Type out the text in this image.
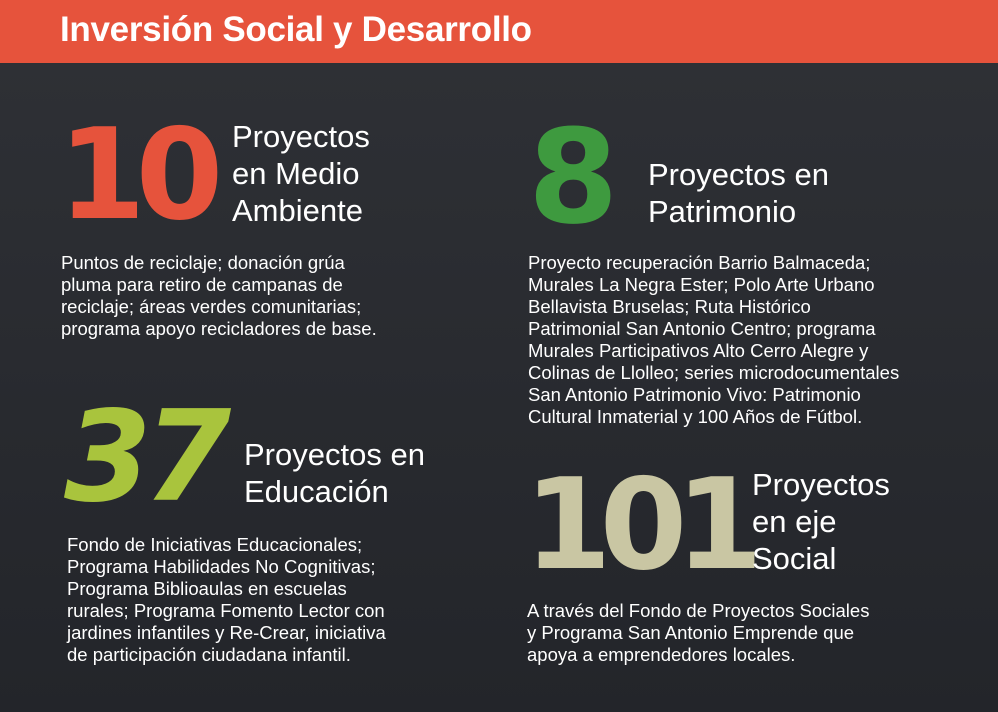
Inversión Social y Desarrollo
10 Proyectos
en Medio
Ambiente
Puntos de reciclaje; donación grúa
pluma para retiro de campanas de
reciclaje; áreas verdes comunitarias;
programa apoyo recicladores de base.
8 Proyectos en
Patrimonio
Proyecto recuperación Barrio Balmaceda;
Murales La Negra Ester; Polo Arte Urbano
Bellavista Bruselas; Ruta Histórico
Patrimonial San Antonio Centro; programa
Murales Participativos Alto Cerro Alegre y
Colinas de Llolleo; series microdocumentales
San Antonio Patrimonio Vivo: Patrimonio
Cultural Inmaterial y 100 Años de Fútbol.
37 Proyectos en
Educación
Fondo de Iniciativas Educacionales;
Programa Habilidades No Cognitivas;
Programa Biblioaulas en escuelas
rurales; Programa Fomento Lector con
jardines infantiles y Re-Crear, iniciativa
de participación ciudadana infantil.
101 Proyectos
en eje
Social
A través del Fondo de Proyectos Sociales
y Programa San Antonio Emprende que
apoya a emprendedores locales.
